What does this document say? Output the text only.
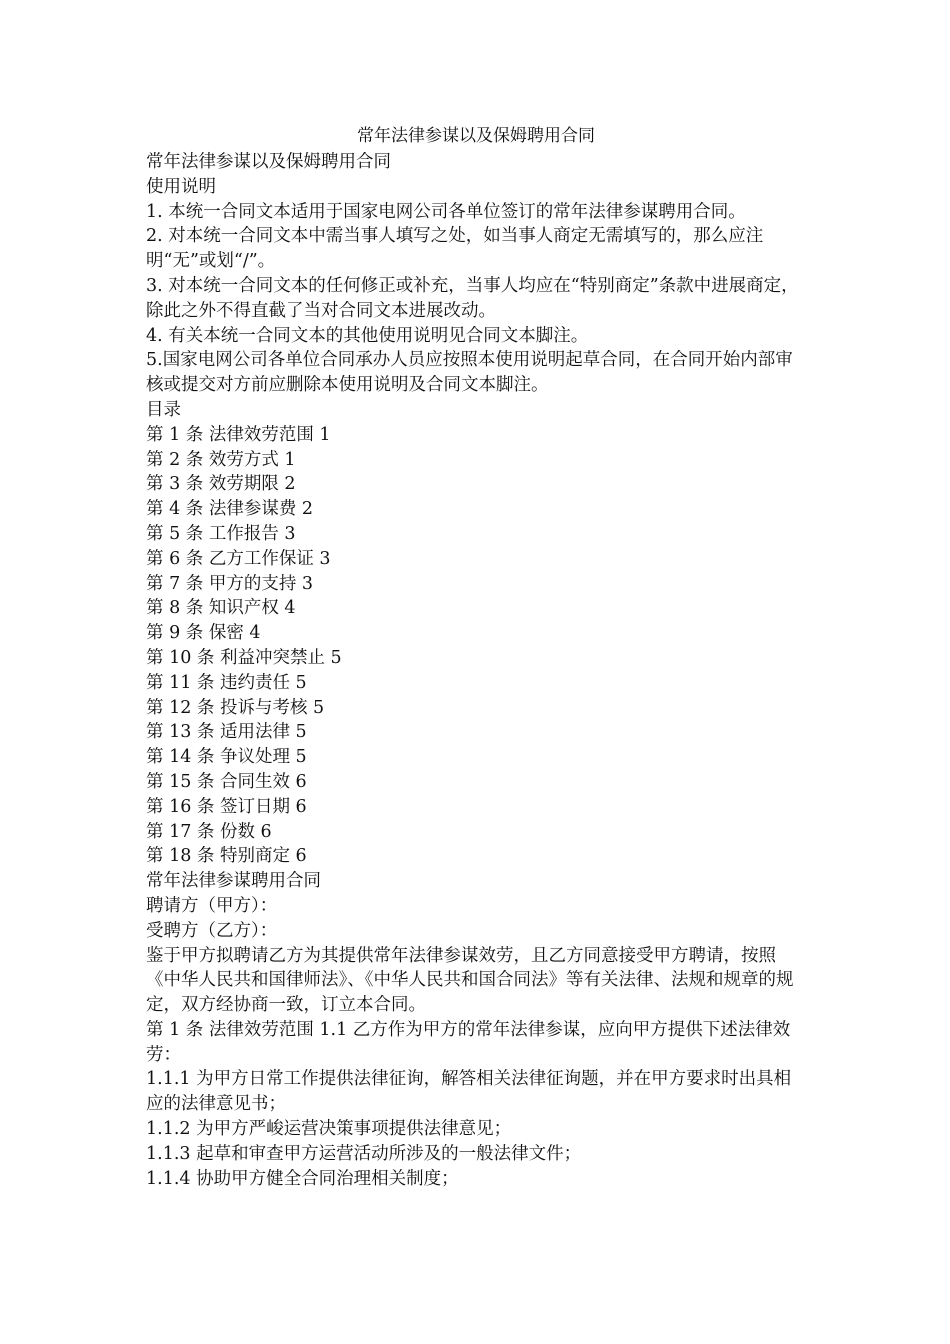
常年法律参谋以及保姆聘用合同

常年法律参谋以及保姆聘用合同

使用说明

1. 本统一合同文本适用于国家电网公司各单位签订的常年法律参谋聘用合同。

2. 对本统一合同文本中需当事人填写之处，如当事人商定无需填写的，那么应注明“无”或划“/”。

3. 对本统一合同文本的任何修正或补充，当事人均应在“特别商定”条款中进展商定，除此之外不得直截了当对合同文本进展改动。

4. 有关本统一合同文本的其他使用说明见合同文本脚注。

5.国家电网公司各单位合同承办人员应按照本使用说明起草合同，在合同开始内部审核或提交对方前应删除本使用说明及合同文本脚注。

目录

第 1 条 法律效劳范围 1

第 2 条 效劳方式 1

第 3 条 效劳期限 2

第 4 条 法律参谋费 2

第 5 条 工作报告 3

第 6 条 乙方工作保证 3

第 7 条 甲方的支持 3

第 8 条 知识产权 4

第 9 条 保密 4

第 10 条 利益冲突禁止 5

第 11 条 违约责任 5

第 12 条 投诉与考核 5

第 13 条 适用法律 5

第 14 条 争议处理 5

第 15 条 合同生效 6

第 16 条 签订日期 6

第 17 条 份数 6

第 18 条 特别商定 6

常年法律参谋聘用合同

聘请方（甲方）：

受聘方（乙方）：

鉴于甲方拟聘请乙方为其提供常年法律参谋效劳，且乙方同意接受甲方聘请，按照《中华人民共和国律师法》、《中华人民共和国合同法》等有关法律、法规和规章的规定，双方经协商一致，订立本合同。

第 1 条 法律效劳范围 1.1 乙方作为甲方的常年法律参谋，应向甲方提供下述法律效劳：

1.1.1 为甲方日常工作提供法律征询，解答相关法律征询题，并在甲方要求时出具相应的法律意见书；

1.1.2 为甲方严峻运营决策事项提供法律意见；

1.1.3 起草和审查甲方运营活动所涉及的一般法律文件；

1.1.4 协助甲方健全合同治理相关制度；
